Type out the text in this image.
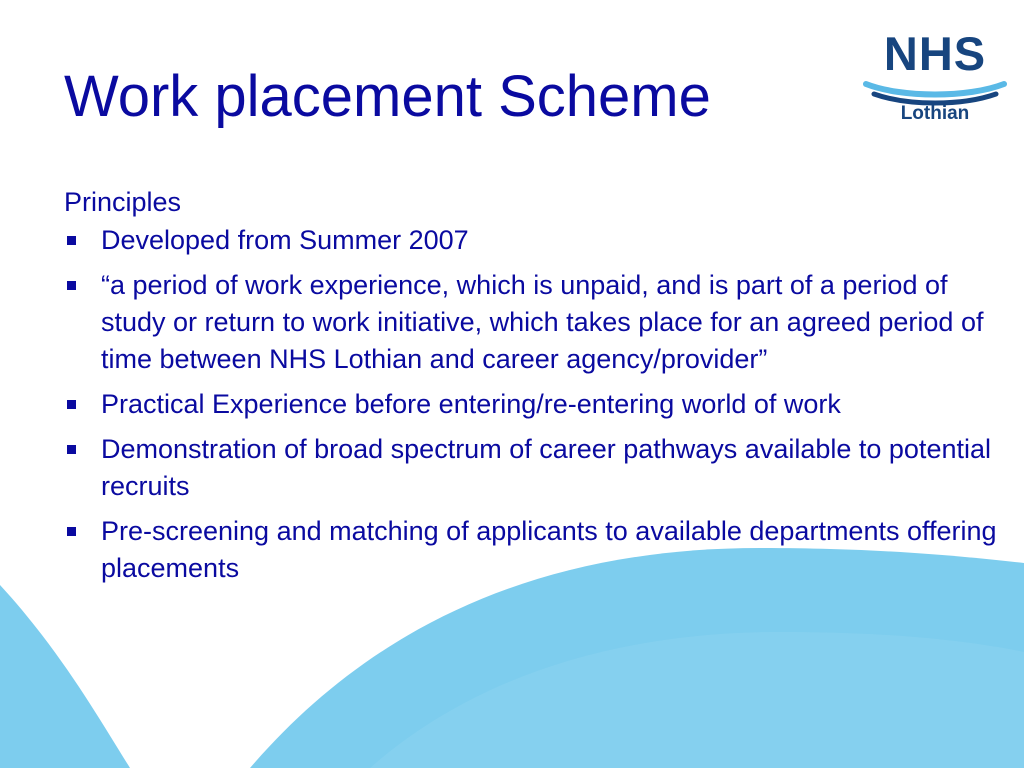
Work placement Scheme
NHS
Lothian
Principles
Developed from Summer 2007
“a period of work experience, which is unpaid, and is part of a period of study or return to work initiative, which takes place for an agreed period of time between NHS Lothian and career agency/provider”
Practical Experience before entering/re-entering world of work
Demonstration of broad spectrum of career pathways available to potential recruits
Pre-screening and matching of applicants to available departments offering placements
